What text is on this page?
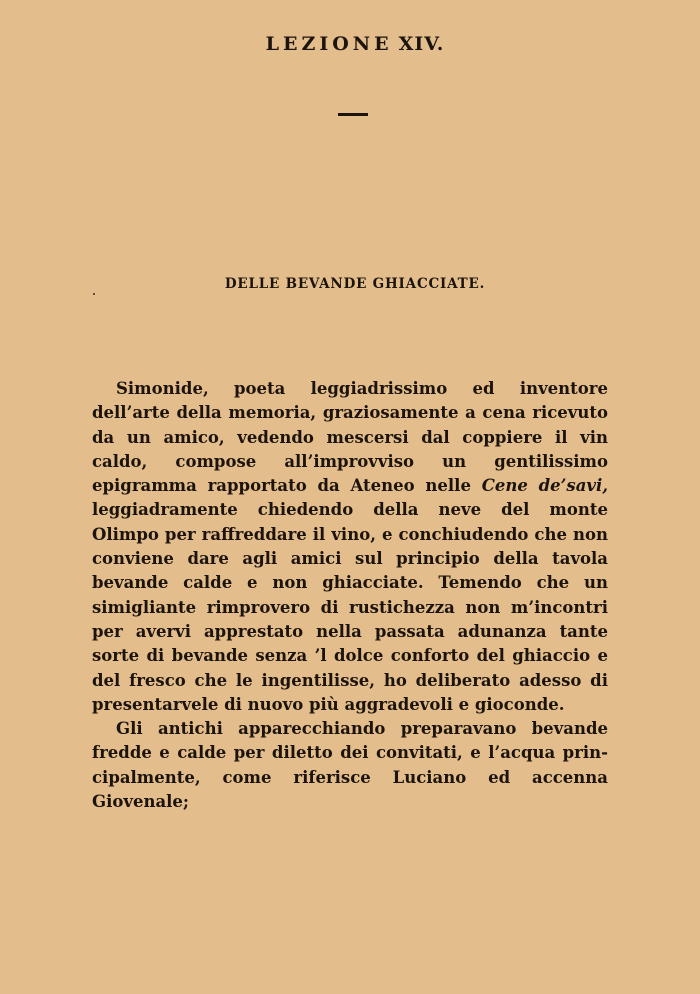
LEZIONE XIV.
DELLE BEVANDE GHIACCIATE.

Simonide, poeta leggiadrissimo ed inventore dell’arte della memoria, graziosamente a cena ricevuto da un amico, vedendo mescersi dal coppiere il vin caldo, compose all’improvviso un gentilissimo epigramma rapportato da Ateneo nelle Cene de’savi, leggiadramente chiedendo della neve del monte Olimpo per raffreddare il vino, e conchiudendo che non conviene dare agli amici sul principio della tavola bevande calde e non ghiacciate. Temendo che un simigliante rimprovero di rustichezza non m’incontri per avervi apprestato nella passata adunanza tante sorte di bevande senza ’l dolce conforto del ghiaccio e del fresco che le ingentilisse, ho deliberato adesso di presentarvele di nuovo più aggradevoli e gioconde.

Gli antichi apparecchiando preparavano bevande fredde e calde per diletto dei convitati, e l’acqua principalmente, come riferisce Luciano ed accenna Giovenale;
